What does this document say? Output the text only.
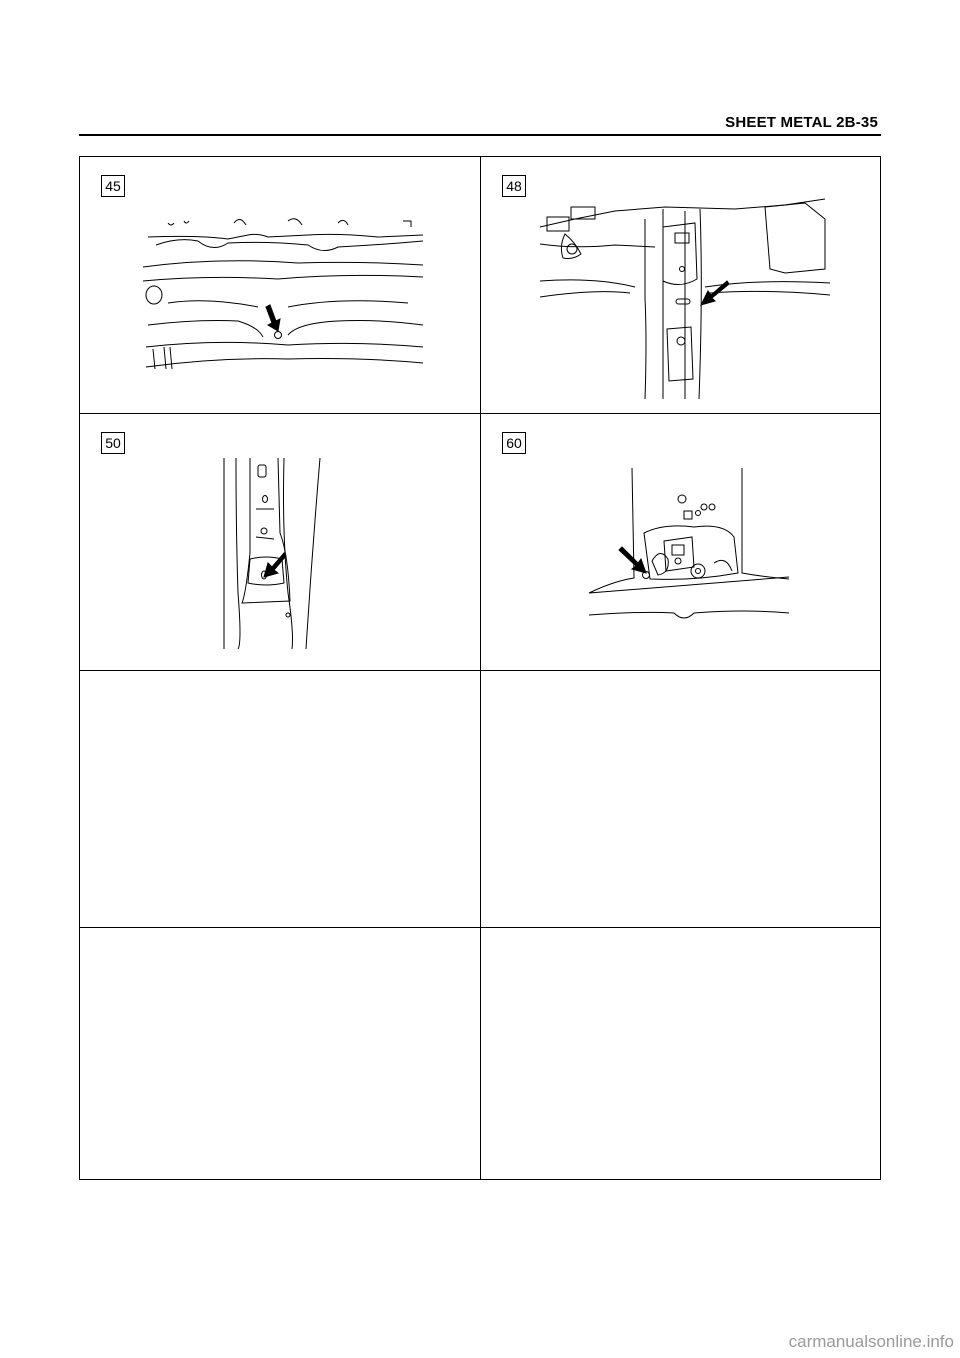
SHEET METAL 2B-35
45	48
50	60
carmanualsonline.info
